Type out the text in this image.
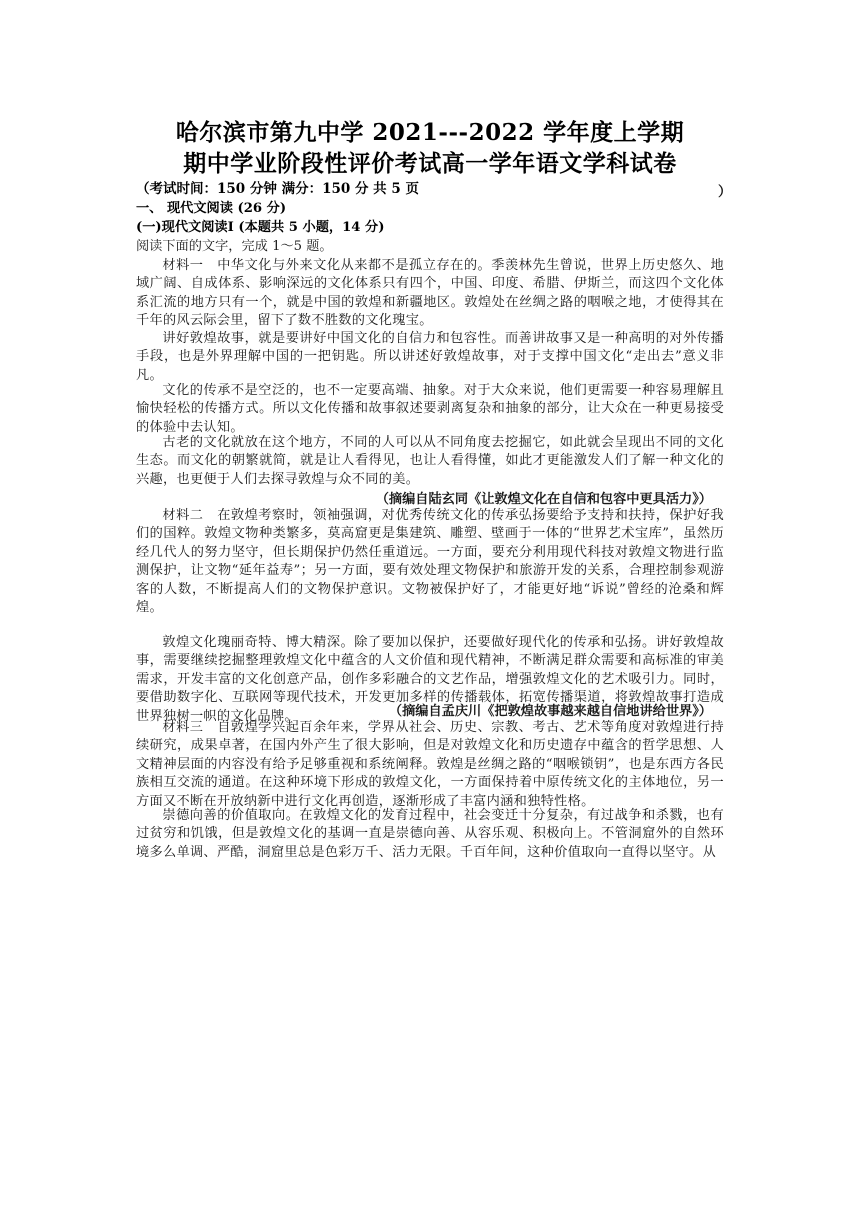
哈尔滨市第九中学 2021---2022 学年度上学期
期中学业阶段性评价考试高一学年语文学科试卷
（考试时间：150 分钟 满分：150 分 共 5 页	）
一、 现代文阅读 (26 分)
(一)现代文阅读Ⅰ (本题共 5 小题，14 分)
阅读下面的文字，完成 1～5 题。
材料一　中华文化与外来文化从来都不是孤立存在的。季羡林先生曾说，世界上历史悠久、地域广阔、自成体系、影响深远的文化体系只有四个，中国、印度、希腊、伊斯兰，而这四个文化体系汇流的地方只有一个，就是中国的敦煌和新疆地区。敦煌处在丝绸之路的咽喉之地，才使得其在千年的风云际会里，留下了数不胜数的文化瑰宝。
讲好敦煌故事，就是要讲好中国文化的自信力和包容性。而善讲故事又是一种高明的对外传播手段，也是外界理解中国的一把钥匙。所以讲述好敦煌故事，对于支撑中国文化“走出去”意义非凡。
文化的传承不是空泛的，也不一定要高端、抽象。对于大众来说，他们更需要一种容易理解且愉快轻松的传播方式。所以文化传播和故事叙述要剥离复杂和抽象的部分，让大众在一种更易接受的体验中去认知。
古老的文化就放在这个地方，不同的人可以从不同角度去挖掘它，如此就会呈现出不同的文化生态。而文化的朝繁就简，就是让人看得见，也让人看得懂，如此才更能激发人们了解一种文化的兴趣，也更便于人们去探寻敦煌与众不同的美。
（摘编自陆玄同《让敦煌文化在自信和包容中更具活力》）
材料二　在敦煌考察时，领袖强调，对优秀传统文化的传承弘扬要给予支持和扶持，保护好我们的国粹。敦煌文物种类繁多，莫高窟更是集建筑、雕塑、壁画于一体的“世界艺术宝库”，虽然历经几代人的努力坚守，但长期保护仍然任重道远。一方面，要充分利用现代科技对敦煌文物进行监测保护，让文物“延年益寿”；另一方面，要有效处理文物保护和旅游开发的关系，合理控制参观游客的人数，不断提高人们的文物保护意识。文物被保护好了，才能更好地“诉说”曾经的沧桑和辉煌。
敦煌文化瑰丽奇特、博大精深。除了要加以保护，还要做好现代化的传承和弘扬。讲好敦煌故事，需要继续挖掘整理敦煌文化中蕴含的人文价值和现代精神，不断满足群众需要和高标准的审美需求，开发丰富的文化创意产品，创作多彩融合的文艺作品，增强敦煌文化的艺术吸引力。同时，要借助数字化、互联网等现代技术，开发更加多样的传播载体，拓宽传播渠道，将敦煌故事打造成世界独树一帜的文化品牌。	（摘编自孟庆川《把敦煌故事越来越自信地讲给世界》）
材料三　自敦煌学兴起百余年来，学界从社会、历史、宗教、考古、艺术等角度对敦煌进行持续研究，成果卓著，在国内外产生了很大影响，但是对敦煌文化和历史遗存中蕴含的哲学思想、人文精神层面的内容没有给予足够重视和系统阐释。敦煌是丝绸之路的“咽喉锁钥”，也是东西方各民族相互交流的通道。在这种环境下形成的敦煌文化，一方面保持着中原传统文化的主体地位，另一方面又不断在开放纳新中进行文化再创造，逐渐形成了丰富内涵和独特性格。
崇德向善的价值取向。在敦煌文化的发育过程中，社会变迁十分复杂，有过战争和杀戮，也有过贫穷和饥饿，但是敦煌文化的基调一直是崇德向善、从容乐观、积极向上。不管洞窟外的自然环境多么单调、严酷，洞窟里总是色彩万千、活力无限。千百年间，这种价值取向一直得以坚守。从
